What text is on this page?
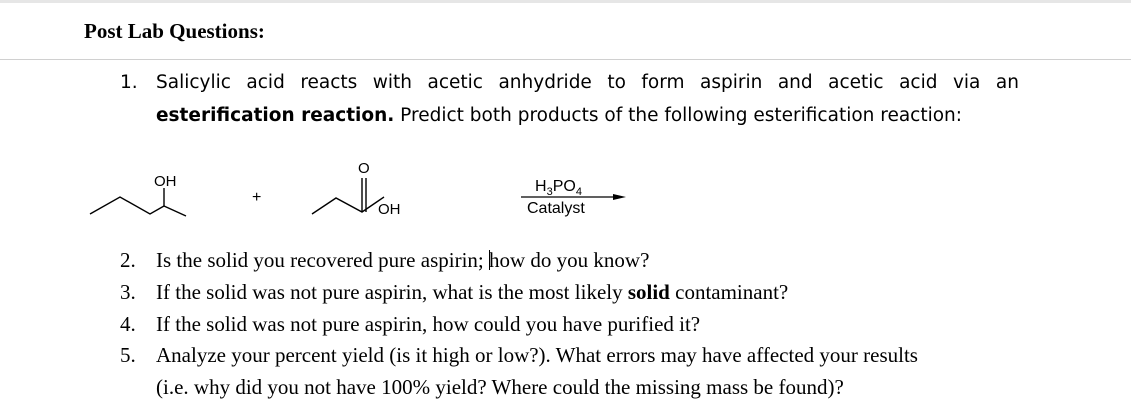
Post Lab Questions:
1. Salicylic acid reacts with acetic anhydride to form aspirin and acetic acid via an
esterification reaction. Predict both products of the following esterification reaction:
OH
+
O
OH
$H_3PO_4$
Catalyst
2. Is the solid you recovered pure aspirin; how do you know?
3. If the solid was not pure aspirin, what is the most likely solid contaminant?
4. If the solid was not pure aspirin, how could you have purified it?
5. Analyze your percent yield (is it high or low?). What errors may have affected your results
(i.e. why did you not have 100% yield? Where could the missing mass be found)?
